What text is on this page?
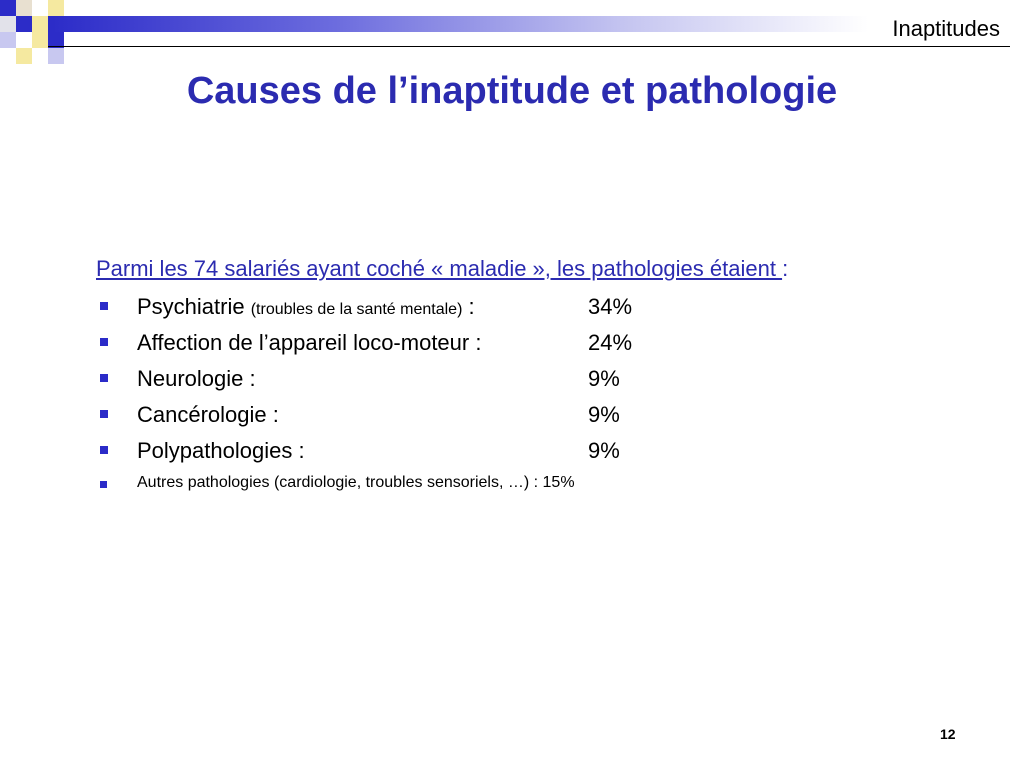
Inaptitudes
Causes de l’inaptitude et pathologie
Parmi les 74 salariés ayant coché « maladie », les pathologies étaient :
Psychiatrie (troubles de la santé mentale) :	34%
Affection de l’appareil loco-moteur :	24%
Neurologie :	9%
Cancérologie :	9%
Polypathologies :	9%
Autres pathologies (cardiologie, troubles sensoriels, …) : 15%
12
